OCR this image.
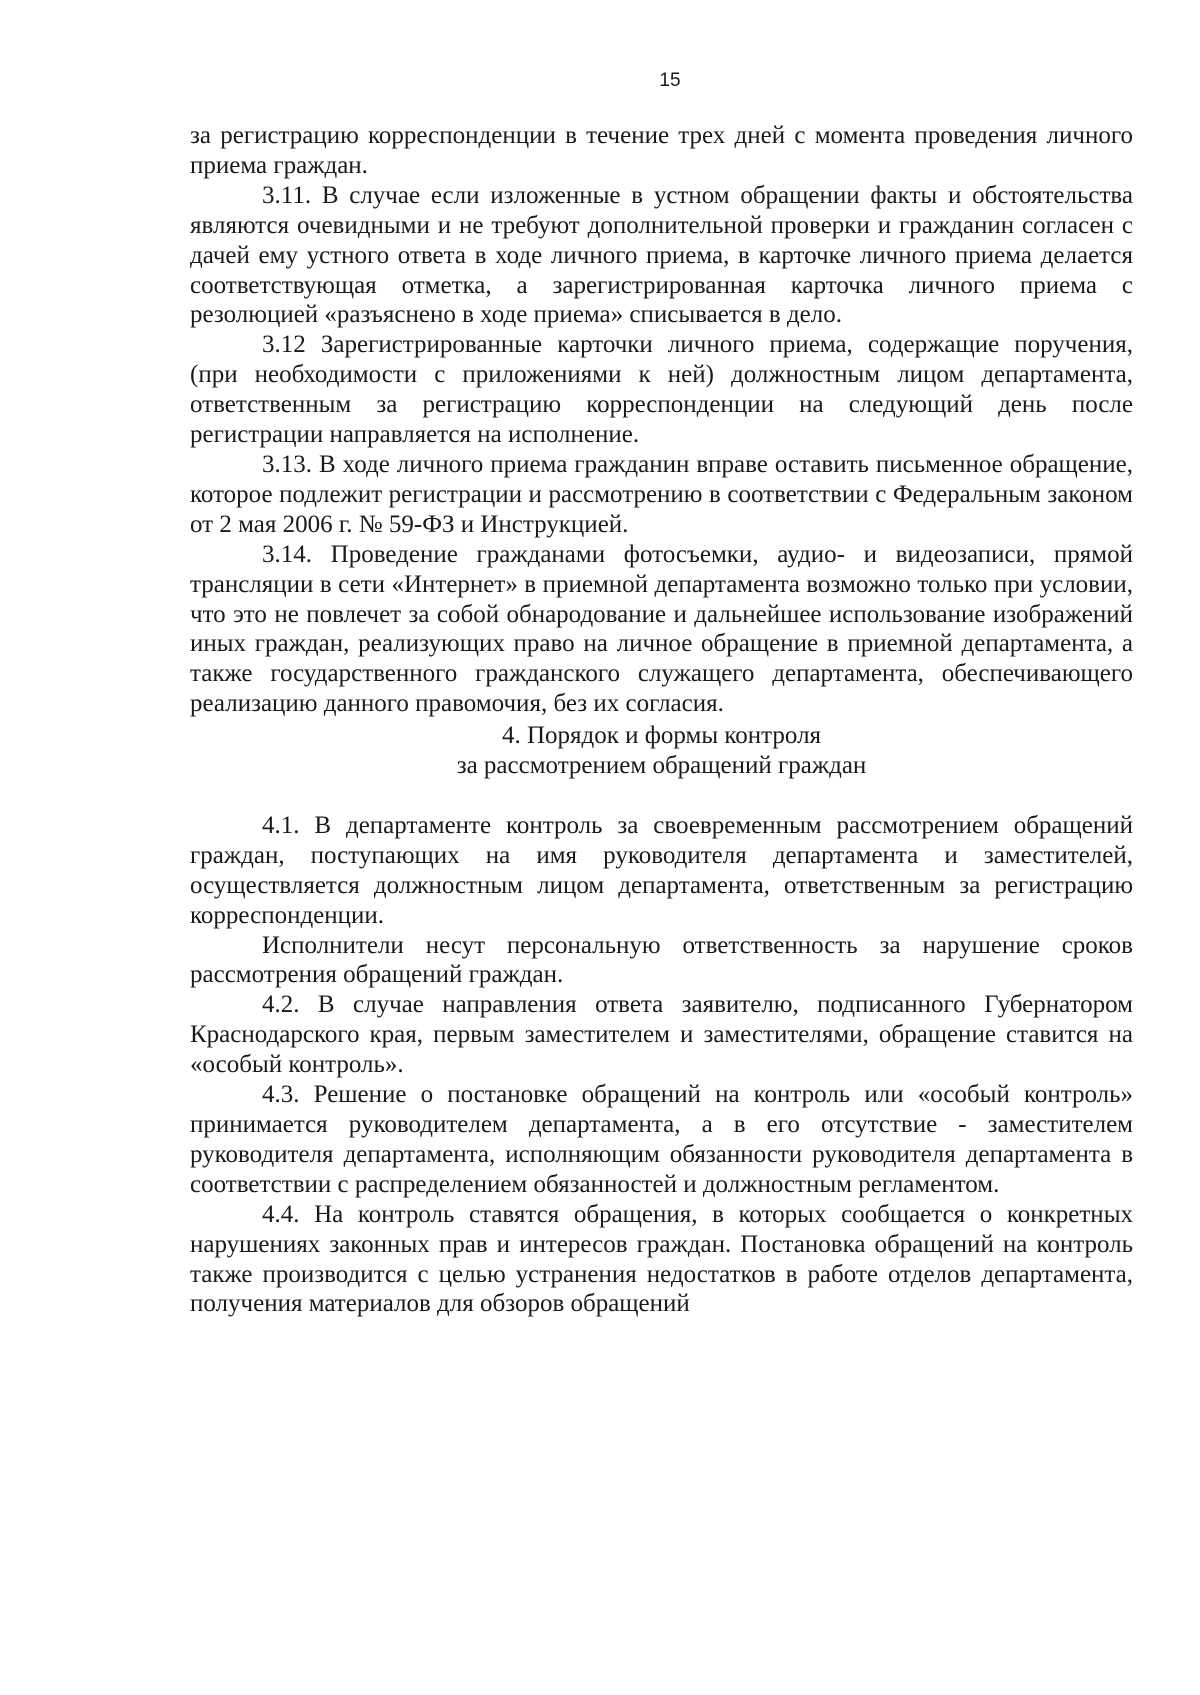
15

за регистрацию корреспонденции в течение трех дней с момента проведения личного приема граждан.

3.11. В случае если изложенные в устном обращении факты и обстоятельства являются очевидными и не требуют дополнительной проверки и гражданин согласен с дачей ему устного ответа в ходе личного приема, в карточке личного приема делается соответствующая отметка, а зарегистрированная карточка личного приема с резолюцией «разъяснено в ходе приема» списывается в дело.

3.12 Зарегистрированные карточки личного приема, содержащие поручения, (при необходимости с приложениями к ней) должностным лицом департамента, ответственным за регистрацию корреспонденции на следующий день после регистрации направляется на исполнение.

3.13. В ходе личного приема гражданин вправе оставить письменное обращение, которое подлежит регистрации и рассмотрению в соответствии с Федеральным законом от 2 мая 2006 г. № 59-ФЗ и Инструкцией.

3.14. Проведение гражданами фотосъемки, аудио- и видеозаписи, прямой трансляции в сети «Интернет» в приемной департамента возможно только при условии, что это не повлечет за собой обнародование и дальнейшее использование изображений иных граждан, реализующих право на личное обращение в приемной департамента, а также государственного гражданского служащего департамента, обеспечивающего реализацию данного правомочия, без их согласия.

4. Порядок и формы контроля
за рассмотрением обращений граждан

4.1. В департаменте контроль за своевременным рассмотрением обращений граждан, поступающих на имя руководителя департамента и заместителей, осуществляется должностным лицом департамента, ответственным за регистрацию корреспонденции.

Исполнители несут персональную ответственность за нарушение сроков рассмотрения обращений граждан.

4.2. В случае направления ответа заявителю, подписанного Губернатором Краснодарского края, первым заместителем и заместителями, обращение ставится на «особый контроль».

4.3. Решение о постановке обращений на контроль или «особый контроль» принимается руководителем департамента, а в его отсутствие - заместителем руководителя департамента, исполняющим обязанности руководителя департамента в соответствии с распределением обязанностей и должностным регламентом.

4.4. На контроль ставятся обращения, в которых сообщается о конкретных нарушениях законных прав и интересов граждан. Постановка обращений на контроль также производится с целью устранения недостатков в работе отделов департамента, получения материалов для обзоров обращений
